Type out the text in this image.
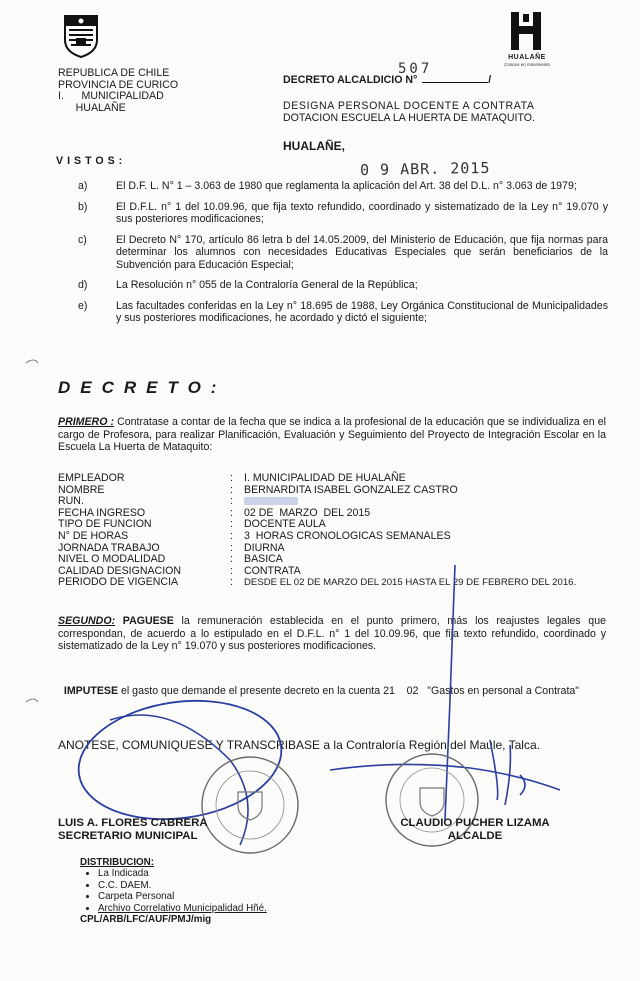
HUALAÑE
Conoce en movimiento
REPUBLICA DE CHILE
PROVINCIA DE CURICO
I.      MUNICIPALIDAD
HUALAÑE
DECRETO ALCALDICIO N°	/
507
DESIGNA PERSONAL DOCENTE A CONTRATA
DOTACION ESCUELA LA HUERTA DE MATAQUITO.
HUALAÑE,
0 9 ABR. 2015
VISTOS:
a)	El D.F. L. N° 1 – 3.063 de 1980 que reglamenta la aplicación del Art. 38 del D.L. n° 3.063 de 1979;
b)	El D.F.L. n° 1 del 10.09.96, que fija texto refundido, coordinado y sistematizado de la Ley n° 19.070 y sus posteriores modificaciones;
c)	El Decreto N° 170, artículo 86 letra b del 14.05.2009, del Ministerio de Educación, que fija normas para determinar los alumnos con necesidades Educativas Especiales que serán beneficiarios de la Subvención para Educación Especial;
d)	La Resolución n° 055 de la Contraloría General de la República;
e)	Las facultades conferidas en la Ley n° 18.695 de 1988, Ley Orgánica Constitucional de Municipalidades y sus posteriores modificaciones, he acordado y dictó el siguiente;
DECRETO:
PRIMERO : Contratase a contar de la fecha que se indica a la profesional de la educación que se individualiza en el cargo de Profesora, para realizar Planificación, Evaluación y Seguimiento del Proyecto de Integración Escolar en la Escuela La Huerta de Mataquito:
EMPLEADOR	:	I. MUNICIPALIDAD DE HUALAÑE
NOMBRE	:	BERNARDITA ISABEL GONZALEZ CASTRO
RUN.	:
FECHA INGRESO	:	02 DE  MARZO  DEL 2015
TIPO DE FUNCION	:	DOCENTE AULA
N° DE HORAS	:	3  HORAS CRONOLOGICAS SEMANALES
JORNADA TRABAJO	:	DIURNA
NIVEL O MODALIDAD	:	BASICA
CALIDAD DESIGNACION	:	CONTRATA
PERIODO DE VIGENCIA	:	DESDE EL 02 DE MARZO DEL 2015 HASTA EL 29 DE FEBRERO DEL 2016.
SEGUNDO: PAGUESE la remuneración establecida en el punto primero, más los reajustes legales que correspondan, de acuerdo a lo estipulado en el D.F.L. n° 1 del 10.09.96, que fija texto refundido, coordinado y sistematizado de la Ley n° 19.070 y sus posteriores modificaciones.

IMPUTESE el gasto que demande el presente decreto en la cuenta 21    02   "Gastos en personal a Contrata"

ANOTESE, COMUNIQUESE Y TRANSCRIBASE a la Contraloría Región del Maule, Talca.
LUIS A. FLORES CABRERA
SECRETARIO MUNICIPAL
CLAUDIO PUCHER LIZAMA
ALCALDE
DISTRIBUCION:
• La Indicada
• C.C. DAEM.
• Carpeta Personal
• Archivo Correlativo Municipalidad Hñé.
CPL/ARB/LFC/AUF/PMJ/mig
